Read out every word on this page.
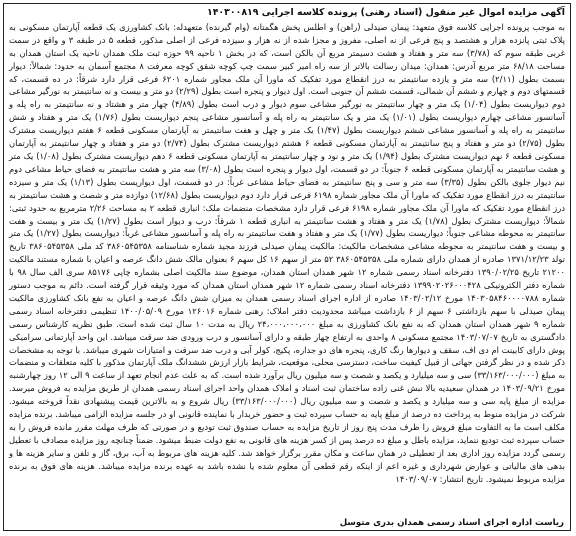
آگهی مزایده اموال غیر منقول (اسناد رهنی) پرونده کلاسه اجرایی ۱۴۰۳۰۰۸۱۹
به موجب پرونده اجرایی کلاسه فوق متعهد: پیمان صیدلی (راهن) و اطلس پخش هگمتانه (وام گیرنده) متعهدله: بانک کشاورزی یک قطعه آپارتمان مسکونی به پلاک ثبتی پانزده هزار و هشتصد و پنج فرعی از نه اصلی، مفروز و مجزا شده از نه هزار و سیزده فرعی از اصلی مذکور، قطعه ۵ در طبقه ۳ و واقع در سمت غربی طبقه سوم که (۳/۷۸) سه متر و هفتاد و هشت دسیمتر مربع آن بالکن است، که در بخش ۱ ناحیه ۹۹ حوزه ثبت ملک همدان ناحیه یک استان همدان به مساحت ۶۸/۱۸ متر مربع آدرس: همدان: میدان رسالت بالاتر از سه راه امیر کبیر سمت چپ کوچه شقق کوچه معرفت ۸ مجتمع آسمان به حدود: شمالاً: دیوار بسمت بطول (۲/۱۱) سه متر و یازده سانتیمتر به درز انقطاع مورد تفکیک که ماورا آن ملک مجاور شماره ۶۲۰۱ فرعی قرار دارد شرقاً: در ده قسمت، که قسمتهای دوم و چهارم و ششم آن شمالی، قسمت ششم آن جنوبی است. اول دیوار و پنجره است بطول (۲/۲۹) دو متر و بیست و نه سانتیمتر به نورگیر مشاعی دوم دیواریست بطول (۱/۰۴) یک متر و چهار سانتیمتر به نورگیر مشاعی سوم دیوار و درب است بطول (۴/۸۹) چهار متر و هشتاد و نه سانتیمتر به راه پله و آسانسور مشاعی چهارم دیواریست بطول (۱/۰۱) یک متر و یک سانتیمتر به راه پله و آسانسور مشاعی پنجم دیواریست بطول (۱/۷۶) یک متر و هفتاد و شش سانتیمتر به راه پله و آسانسور مشاعی ششم دیواریست بطول (۱/۴۷) یک متر و چهل و هفت سانتیمتر به آپارتمان مسکونی قطعه ۶ هفتم دیواریست مشترک بطول (۲/۷۵) دو متر و هفتاد و پنج سانتیمتر به آپارتمان مسکونی قطعه ۶ هشتم دیواریست مشترک بطول (۲/۷۴) دو متر و هفتاد و چهار سانتیمتر به آپارتمان مسکونی قطعه ۶ نهم دیواریست مشترک بطول (۱/۹۴) یک متر و نود و چهار سانتیمتر به آپارتمان مسکونی قطعه ۶ دهم دیواریست مشترک بطول (۱/۰۸) یک متر و هشت سانتیمتر به آپارتمان مسکونی قطعه ۶ جنوباً: در دو قسمت، اول دیوار و پنجره است بطول (۳/۰۸) سه متر و هشت سانتیمتر به فضای حیاط مشاعی دوم نیم دیوار جلوی بالکن بطول (۳/۳۵) سه متر و سی و پنج سانتیمتر به فضای حیاط مشاعی غرباً: در دو قسمت، اول دیواریست بطول (۱/۱۳) یک متر و سیزده سانتیمتر به درز انقطاع مورد تفکیک که ماورا آن ملک مجاور شماره ۶۱۹۸ فرعی قرار دارد دوم دیواریست بطول (۱۲/۶۸) دوازده متر و شصت و هشت سانتیمتر به درز انقطاع مورد تفکیک که ماورا آن ملک مجاور شماره ۶۱۹۸ فرعی قرار دارد مشخصات منضمات ملک: انباری قطعه ۲ به مساحت ۲/۲۶ مترمربع به حدود ثبتی: شمالاً: دیواریست مشترک بطول (۱/۷۸) یک متر و هفتاد و هشت سانتیمتر به انباری قطعه ۱ شرقاً: درب و دیوار است بطول (۱/۲۷) یک متر و بیست و هفت سانتیمتر به محوطه مشاعی جنوباً: دیواریست بطول (۱/۷۷) یک متر و هفتاد و هفت سانتیمتر به راه پله و آسانسور مشاعی غرباً: دیواریست بطول (۱/۲۷) یک متر و بیست و هفت سانتیمتر به محوطه مشاعی مشخصات مالکیت: مالکیت پیمان صیدلی فرزند مجید شماره شناسنامه ۳۸۶۰۵۴۵۳۵۸ کد ملی ۳۸۶۰۵۴۵۳۵۸ تاریخ تولد ۱۳۷۱/۱۲/۲۳ صادره از همدان دارای شماره ملی ۳۸۶۰۵۴۵۳۵۸ ۵۲ متر از سهم ۱۶ کل سهم ۶ بعنوان مالک شش دانگ عرصه و اعیان با شماره مستند مالکیت ۲۱۲۰۰ تاریخ ۱۳۹۰/۰۲/۲۵ دفترخانه اسناد رسمی شماره ۱۲ شهر همدان استان همدان، موضوع سند مالکیت اصلی بشماره چاپی ۸۵۱۷۶ سری الف سال ۹۸ با شماره دفتر الکترونیکی ۱۳۹۹۰۲۰۲۶۰۰۰۴۲۸ دفترخانه اسناد رسمی شماره ۱۲ شهر همدان استان همدان که مورد وثیقه قرار گرفته است. دائم به موجب دستور شماره ۱۴۰۳۰۵۸۴۶۰۰۰۰۷۸۸ مورخ ۱۴۰۳/۰۲/۱۲ صادره از اداره اجرای اسناد رسمی همدان به میزان شش دانگ عرصه و اعیان به نفع بانک کشاورزی مالکیت پیمان صیدلی با سهم بازداشتی ۶ سهم از ۶ بازداشت میباشد محدودیت دفتر املاک: رهنی شماره ۱۲۶۰۱۶ مورخ ۱۴۰۰/۰۵/۰۹ تنظیمی دفترخانه اسناد رسمی شماره ۹ شهر همدان استان همدان که به نفع بانک کشاورزی به مبلغ ۲۴،۰۰۰،۰۰۰،۰۰۰ ریال به مدت ۱۰ سال ثبت شده است. طبق نظریه کارشناس رسمی دادگستری به تاریخ ۱۴۰۳/۰۷/۰۷ مجتمع مسکونی ۸ واحدی به ارتفاع چهار طبقه و دارای آسانسور و درب ورودی ضد سرقت میباشد. این واحد آپارتمانی سرامیکی پوش دارای کابینت ام دی اف، سقف و دیوارها رنگ کاری، پنجره های دو جداره، پکیج، کولر آبی و درب ضد سرقت و امتیازات شهری میباشد. با توجه به مشخصات ذکر شده و در نظر گرفتن جهاتی از قبیل کیفیت ساخت، دسترسی محلی، موقعیت، شرایط بازار ارزش ششدانگ ملک آپارتمان مذکور با کلیه متعلقات و منضمات به مبلغ (۳۳/۱۶۳/۰۰۰/۰۰۰) سی و سه میلیارد و یکصد و شصت و سه میلیون ریال برآورد شده است. که به علت عدم انجام تعهد از ساعت ۹ الی ۱۲ روز چهارشنبه مورخ ۱۴۰۳/۰۹/۲۱ در همدان سعیدیه بالا نبش غنی زاده ساختمان ثبت اسناد و املاک همدان واحد اجرای اسناد رسمی همدان از طریق مزایده به فروش میرسد. مزایده از مبلغ پایه سی و سه میلیارد و یکصد و شصت و سه میلیون ریال (۳۳/۱۶۳/۰۰۰/۰۰۰) ریال شروع و به بالاترین قیمت پیشنهادی نقداً فروخته میشود. شرکت در مزایده منوط به پرداخت ده درصد از مبلغ پایه به حساب سپرده ثبت و حضور خریدار با نماینده قانونی او در جلسه مزایده الزامی میباشد. برنده مزایده مکلف است ما به التفاوت مبلغ فروش را ظرف مدت پنج روز از تاریخ مزایده به حساب صندوق ثبت تودیع و در صورتی که ظرف مهلت مقرر مانده فروش را به حساب سپرده ثبت تودیع ننماید، مزایده باطل و مبلغ ده درصد پس از کسر هزینه های قانونی به نفع دولت ضبط میشود. ضمناً چنانچه روز مزایده مصادف با تعطیل رسمی گردد مزایده روز اداری بعد از تعطیلی در همان ساعت و مکان مقرر برگزار خواهد شد. کلیه هزینه های مربوط به آب، برق، گاز و تلفن و سایر هزینه ها و بدهی های مالیاتی و عوارض شهرداری و غیره اعم از اینکه رقم قطعی آن معلوم شده یا نشده باشد به عهده برنده مزایده میباشد. هزینه های فوق به برنده مزایده مربوط نمیشود. تاریخ انتشار: ۱۴۰۳/۰۹/۰۷
ریاست اداره اجرای اسناد رسمی همدان بدری متوسل
